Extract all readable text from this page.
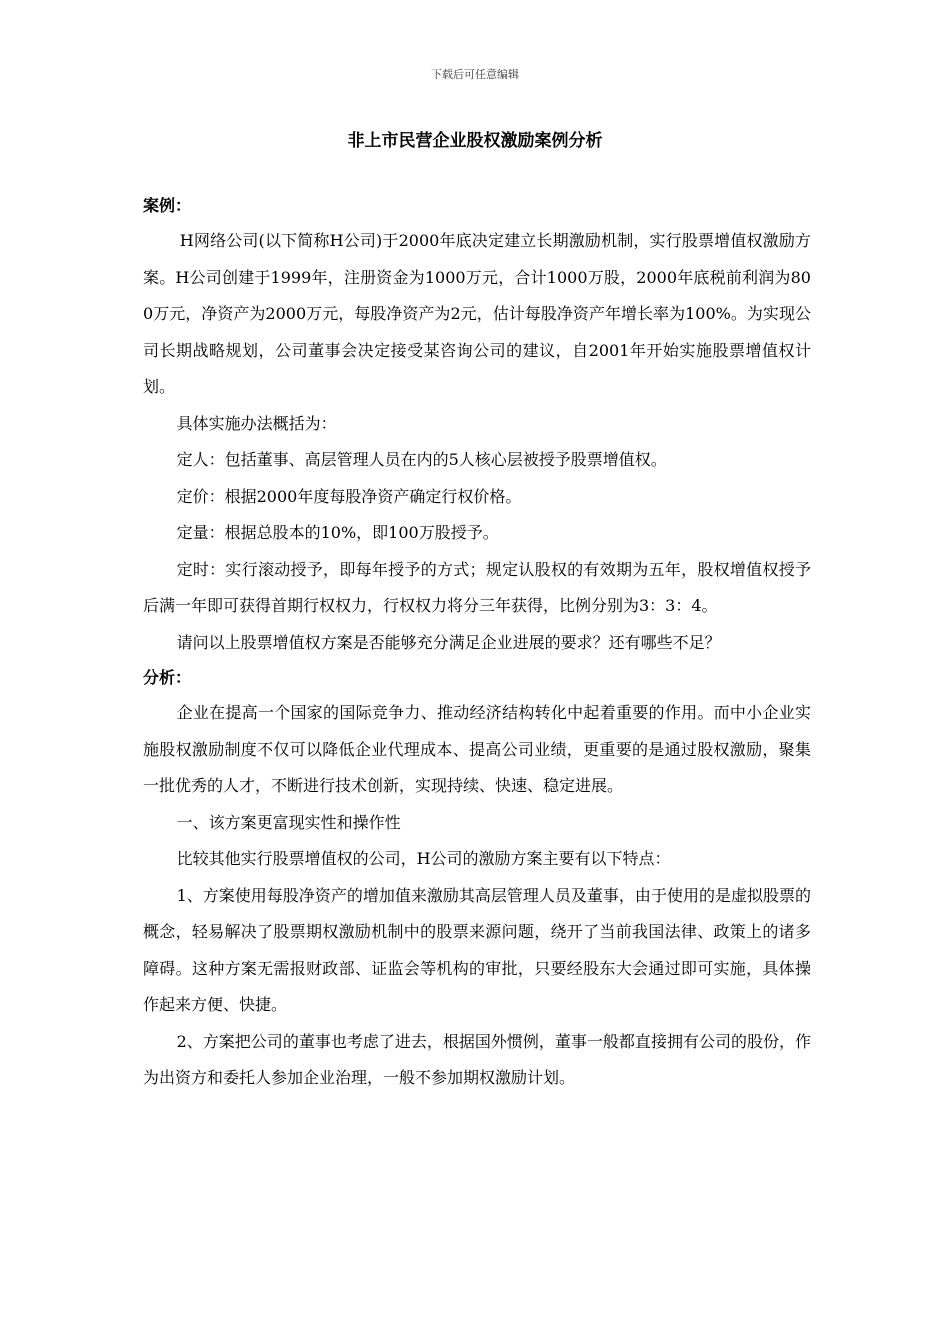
下载后可任意编辑
非上市民营企业股权激励案例分析
案例：

H网络公司(以下简称H公司)于2000年底决定建立长期激励机制，实行股票增值权激励方案。H公司创建于1999年，注册资金为1000万元，合计1000万股，2000年底税前利润为800万元，净资产为2000万元，每股净资产为2元，估计每股净资产年增长率为100%。为实现公司长期战略规划，公司董事会决定接受某咨询公司的建议，自2001年开始实施股票增值权计划。

具体实施办法概括为：

定人：包括董事、高层管理人员在内的5人核心层被授予股票增值权。

定价：根据2000年度每股净资产确定行权价格。

定量：根据总股本的10%，即100万股授予。

定时：实行滚动授予，即每年授予的方式；规定认股权的有效期为五年，股权增值权授予后满一年即可获得首期行权权力，行权权力将分三年获得，比例分别为3：3：4。

请问以上股票增值权方案是否能够充分满足企业进展的要求？还有哪些不足？

分析：

企业在提高一个国家的国际竞争力、推动经济结构转化中起着重要的作用。而中小企业实施股权激励制度不仅可以降低企业代理成本、提高公司业绩，更重要的是通过股权激励，聚集一批优秀的人才，不断进行技术创新，实现持续、快速、稳定进展。

一、该方案更富现实性和操作性

比较其他实行股票增值权的公司，H公司的激励方案主要有以下特点：

1、方案使用每股净资产的增加值来激励其高层管理人员及董事，由于使用的是虚拟股票的概念，轻易解决了股票期权激励机制中的股票来源问题，绕开了当前我国法律、政策上的诸多障碍。这种方案无需报财政部、证监会等机构的审批，只要经股东大会通过即可实施，具体操作起来方便、快捷。

2、方案把公司的董事也考虑了进去，根据国外惯例，董事一般都直接拥有公司的股份，作为出资方和委托人参加企业治理，一般不参加期权激励计划。
